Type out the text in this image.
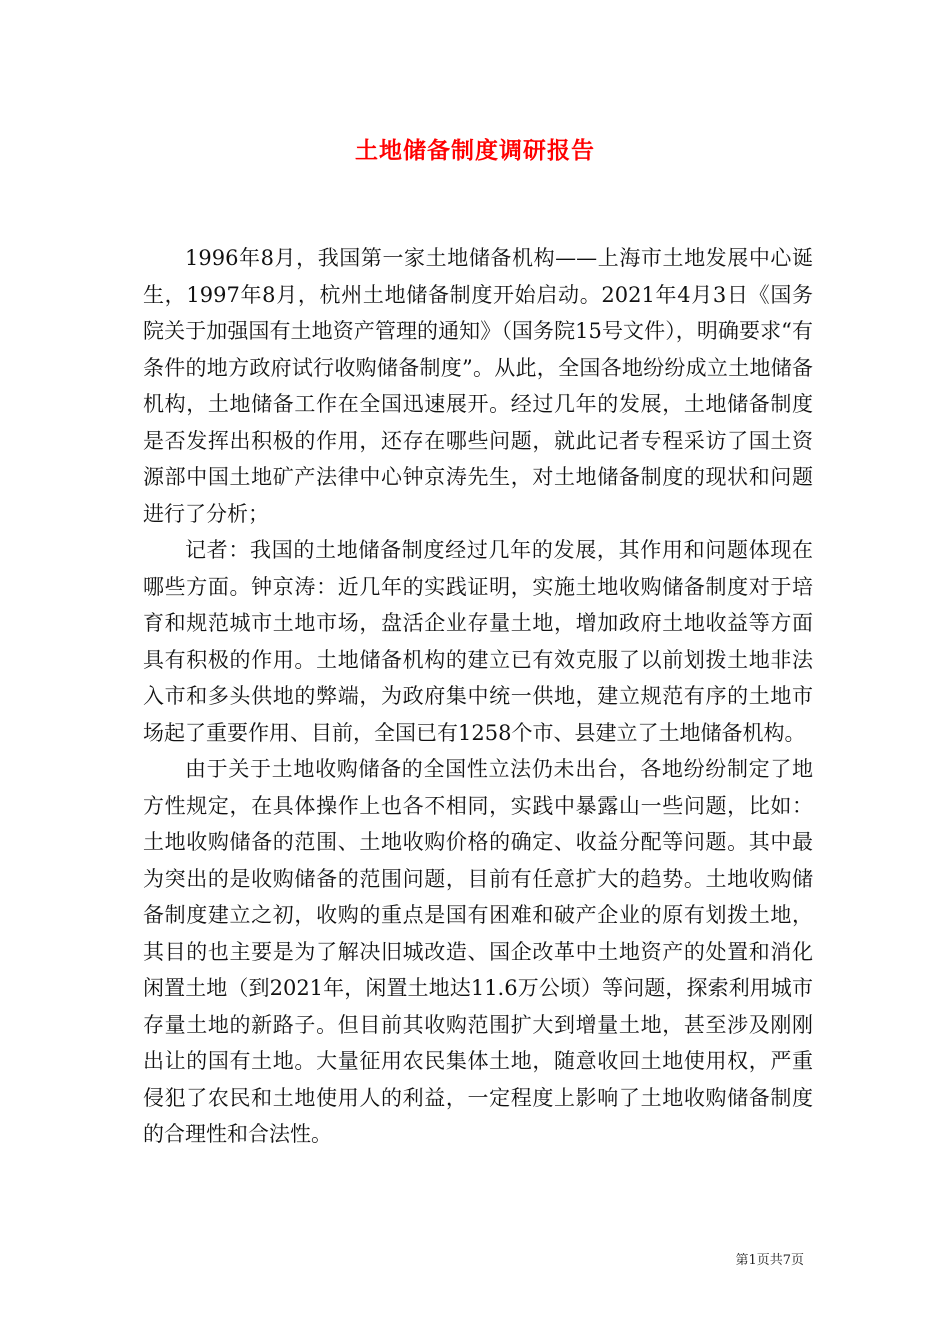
土地储备制度调研报告

1996年8月，我国第一家土地储备机构——上海市土地发展中心诞生，1997年8月，杭州土地储备制度开始启动。2021年4月3日《国务院关于加强国有土地资产管理的通知》（国务院15号文件），明确要求“有条件的地方政府试行收购储备制度”。从此，全国各地纷纷成立土地储备机构，土地储备工作在全国迅速展开。经过几年的发展，土地储备制度是否发挥出积极的作用，还存在哪些问题，就此记者专程采访了国土资源部中国土地矿产法律中心钟京涛先生，对土地储备制度的现状和问题进行了分析；

记者：我国的土地储备制度经过几年的发展，其作用和问题体现在哪些方面。钟京涛：近几年的实践证明，实施土地收购储备制度对于培育和规范城市土地市场，盘活企业存量土地，增加政府土地收益等方面具有积极的作用。土地储备机构的建立已有效克服了以前划拨土地非法入市和多头供地的弊端，为政府集中统一供地，建立规范有序的土地市场起了重要作用、目前，全国已有1258个市、县建立了土地储备机构。

由于关于土地收购储备的全国性立法仍未出台，各地纷纷制定了地方性规定，在具体操作上也各不相同，实践中暴露山一些问题，比如：土地收购储备的范围、土地收购价格的确定、收益分配等问题。其中最为突出的是收购储备的范围问题，目前有任意扩大的趋势。土地收购储备制度建立之初，收购的重点是国有困难和破产企业的原有划拨土地，其目的也主要是为了解决旧城改造、国企改革中土地资产的处置和消化闲置土地（到2021年，闲置土地达11.6万公顷）等问题，探索利用城市存量土地的新路子。但目前其收购范围扩大到增量土地，甚至涉及刚刚出让的国有土地。大量征用农民集体土地，随意收回土地使用权，严重侵犯了农民和土地使用人的利益，一定程度上影响了土地收购储备制度的合理性和合法性。

第1页共7页
